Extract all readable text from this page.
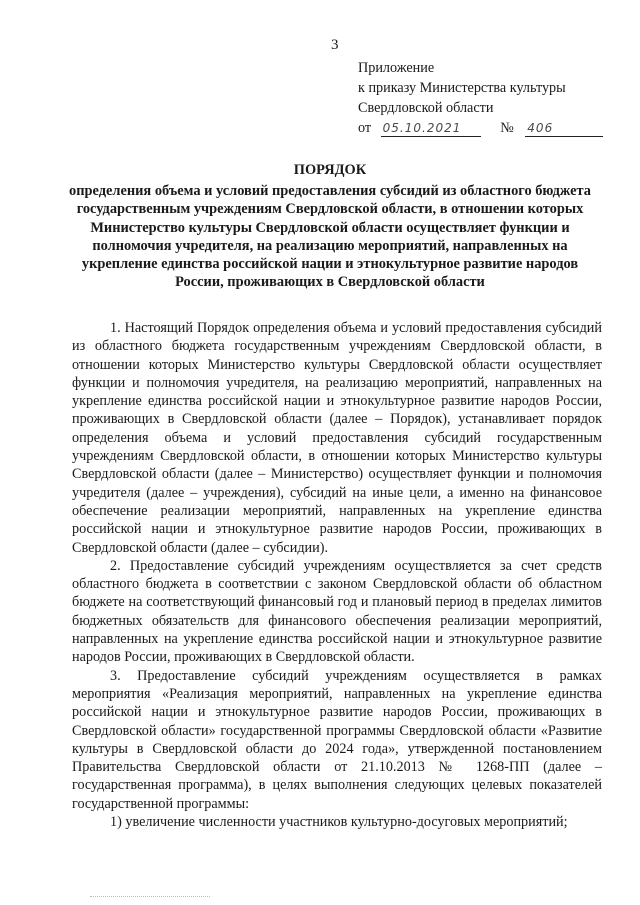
3
Приложение
к приказу Министерства культуры
Свердловской области
от 05.10.2021	№ 406
ПОРЯДОК
определения объема и условий предоставления субсидий из областного бюджета государственным учреждениям Свердловской области, в отношении которых Министерство культуры Свердловской области осуществляет функции и полномочия учредителя, на реализацию мероприятий, направленных на укрепление единства российской нации и этнокультурное развитие народов России, проживающих в Свердловской области

1. Настоящий Порядок определения объема и условий предоставления субсидий из областного бюджета государственным учреждениям Свердловской области, в отношении которых Министерство культуры Свердловской области осуществляет функции и полномочия учредителя, на реализацию мероприятий, направленных на укрепление единства российской нации и этнокультурное развитие народов России, проживающих в Свердловской области (далее – Порядок), устанавливает порядок определения объема и условий предоставления субсидий государственным учреждениям Свердловской области, в отношении которых Министерство культуры Свердловской области (далее – Министерство) осуществляет функции и полномочия учредителя (далее – учреждения), субсидий на иные цели, а именно на финансовое обеспечение реализации мероприятий, направленных на укрепление единства российской нации и этнокультурное развитие народов России, проживающих в Свердловской области (далее – субсидии).

2. Предоставление субсидий учреждениям осуществляется за счет средств областного бюджета в соответствии с законом Свердловской области об областном бюджете на соответствующий финансовый год и плановый период в пределах лимитов бюджетных обязательств для финансового обеспечения реализации мероприятий, направленных на укрепление единства российской нации и этнокультурное развитие народов России, проживающих в Свердловской области.

3. Предоставление субсидий учреждениям осуществляется в рамках мероприятия «Реализация мероприятий, направленных на укрепление единства российской нации и этнокультурное развитие народов России, проживающих в Свердловской области» государственной программы Свердловской области «Развитие культуры в Свердловской области до 2024 года», утвержденной постановлением Правительства Свердловской области от 21.10.2013 № 1268-ПП (далее – государственная программа), в целях выполнения следующих целевых показателей государственной программы:

1) увеличение численности участников культурно-досуговых мероприятий;
